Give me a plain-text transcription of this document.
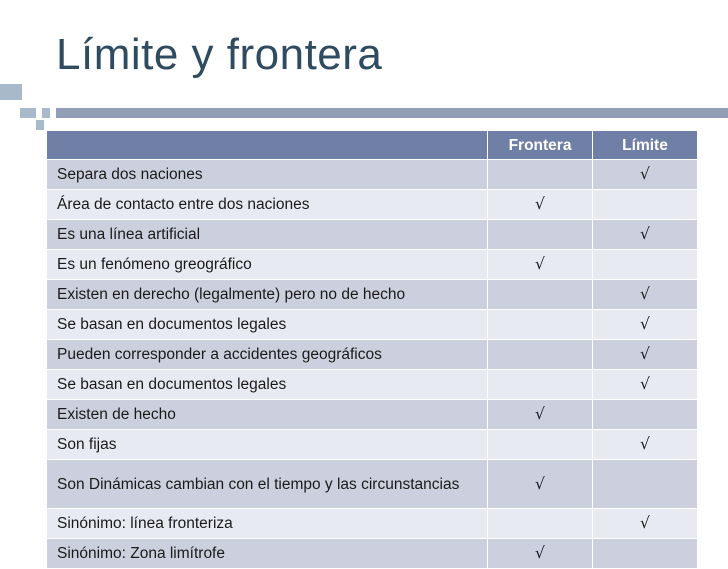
Límite y frontera
	Frontera	Límite
Separa dos naciones		√
Área de contacto entre dos naciones	√	
Es una línea artificial		√
Es un fenómeno greográfico	√	
Existen en derecho (legalmente) pero no de hecho		√
Se basan en documentos legales		√
Pueden corresponder a accidentes geográficos		√
Se basan en documentos legales		√
Existen de hecho	√	
Son fijas		√
Son Dinámicas cambian con el tiempo y las circunstancias	√	
Sinónimo: línea fronteriza		√
Sinónimo: Zona limítrofe	√	
